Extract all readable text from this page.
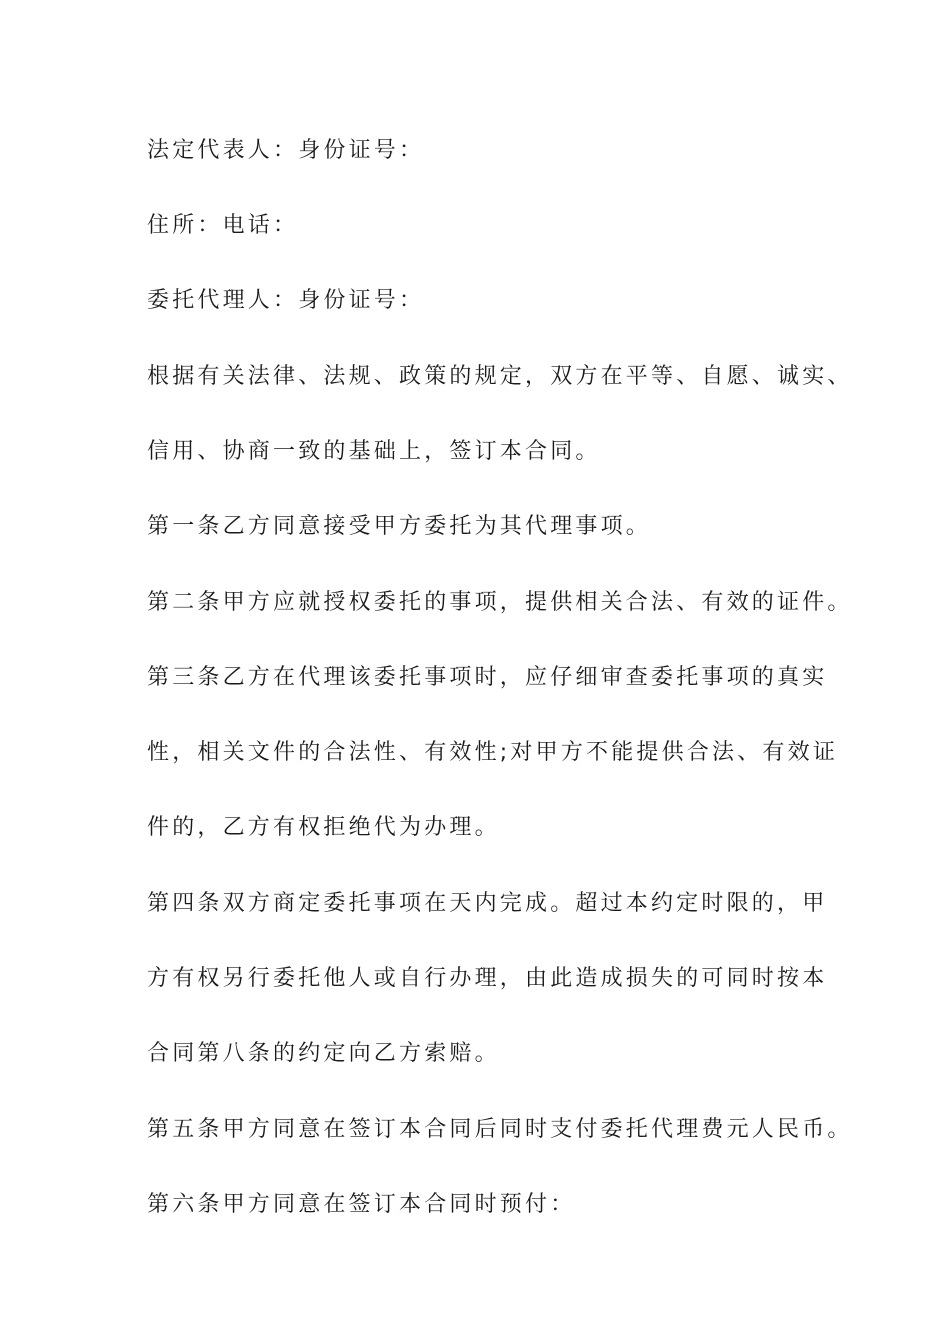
法定代表人：身份证号：
住所：电话：
委托代理人：身份证号：
根据有关法律、法规、政策的规定，双方在平等、自愿、诚实、
信用、协商一致的基础上，签订本合同。
第一条乙方同意接受甲方委托为其代理事项。
第二条甲方应就授权委托的事项，提供相关合法、有效的证件。
第三条乙方在代理该委托事项时，应仔细审查委托事项的真实
性，相关文件的合法性、有效性;对甲方不能提供合法、有效证
件的，乙方有权拒绝代为办理。
第四条双方商定委托事项在天内完成。超过本约定时限的，甲
方有权另行委托他人或自行办理，由此造成损失的可同时按本
合同第八条的约定向乙方索赔。
第五条甲方同意在签订本合同后同时支付委托代理费元人民币。
第六条甲方同意在签订本合同时预付：
